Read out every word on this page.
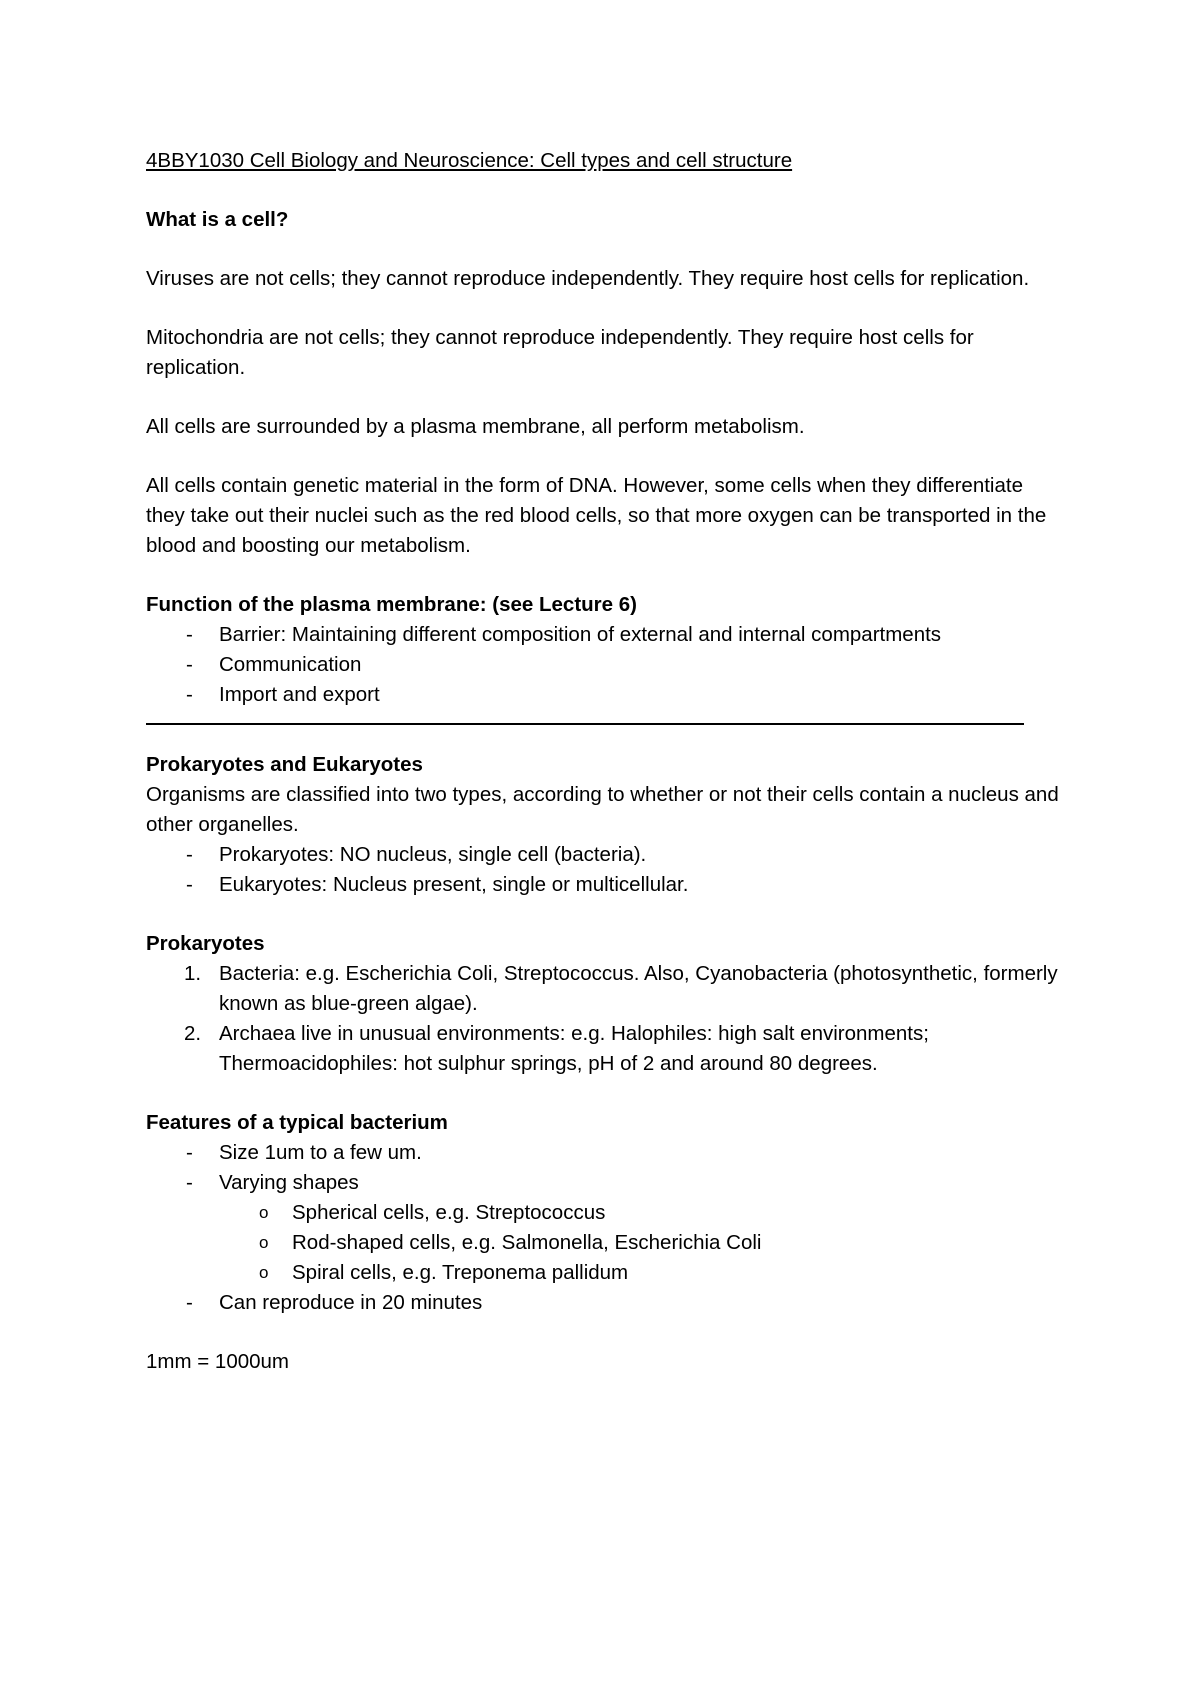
4BBY1030 Cell Biology and Neuroscience: Cell types and cell structure

What is a cell?

Viruses are not cells; they cannot reproduce independently. They require host cells for replication.

Mitochondria are not cells; they cannot reproduce independently. They require host cells for replication.

All cells are surrounded by a plasma membrane, all perform metabolism.

All cells contain genetic material in the form of DNA. However, some cells when they differentiate they take out their nuclei such as the red blood cells, so that more oxygen can be transported in the blood and boosting our metabolism.

Function of the plasma membrane: (see Lecture 6)

- Barrier: Maintaining different composition of external and internal compartments
- Communication
- Import and export

Prokaryotes and Eukaryotes

Organisms are classified into two types, according to whether or not their cells contain a nucleus and other organelles.

- Prokaryotes: NO nucleus, single cell (bacteria).
- Eukaryotes: Nucleus present, single or multicellular.

Prokaryotes

1. Bacteria: e.g. Escherichia Coli, Streptococcus. Also, Cyanobacteria (photosynthetic, formerly known as blue-green algae).
2. Archaea live in unusual environments: e.g. Halophiles: high salt environments; Thermoacidophiles: hot sulphur springs, pH of 2 and around 80 degrees.

Features of a typical bacterium

- Size 1um to a few um.
- Varying shapes
o Spherical cells, e.g. Streptococcus
o Rod-shaped cells, e.g. Salmonella, Escherichia Coli
o Spiral cells, e.g. Treponema pallidum
- Can reproduce in 20 minutes

1mm = 1000um
